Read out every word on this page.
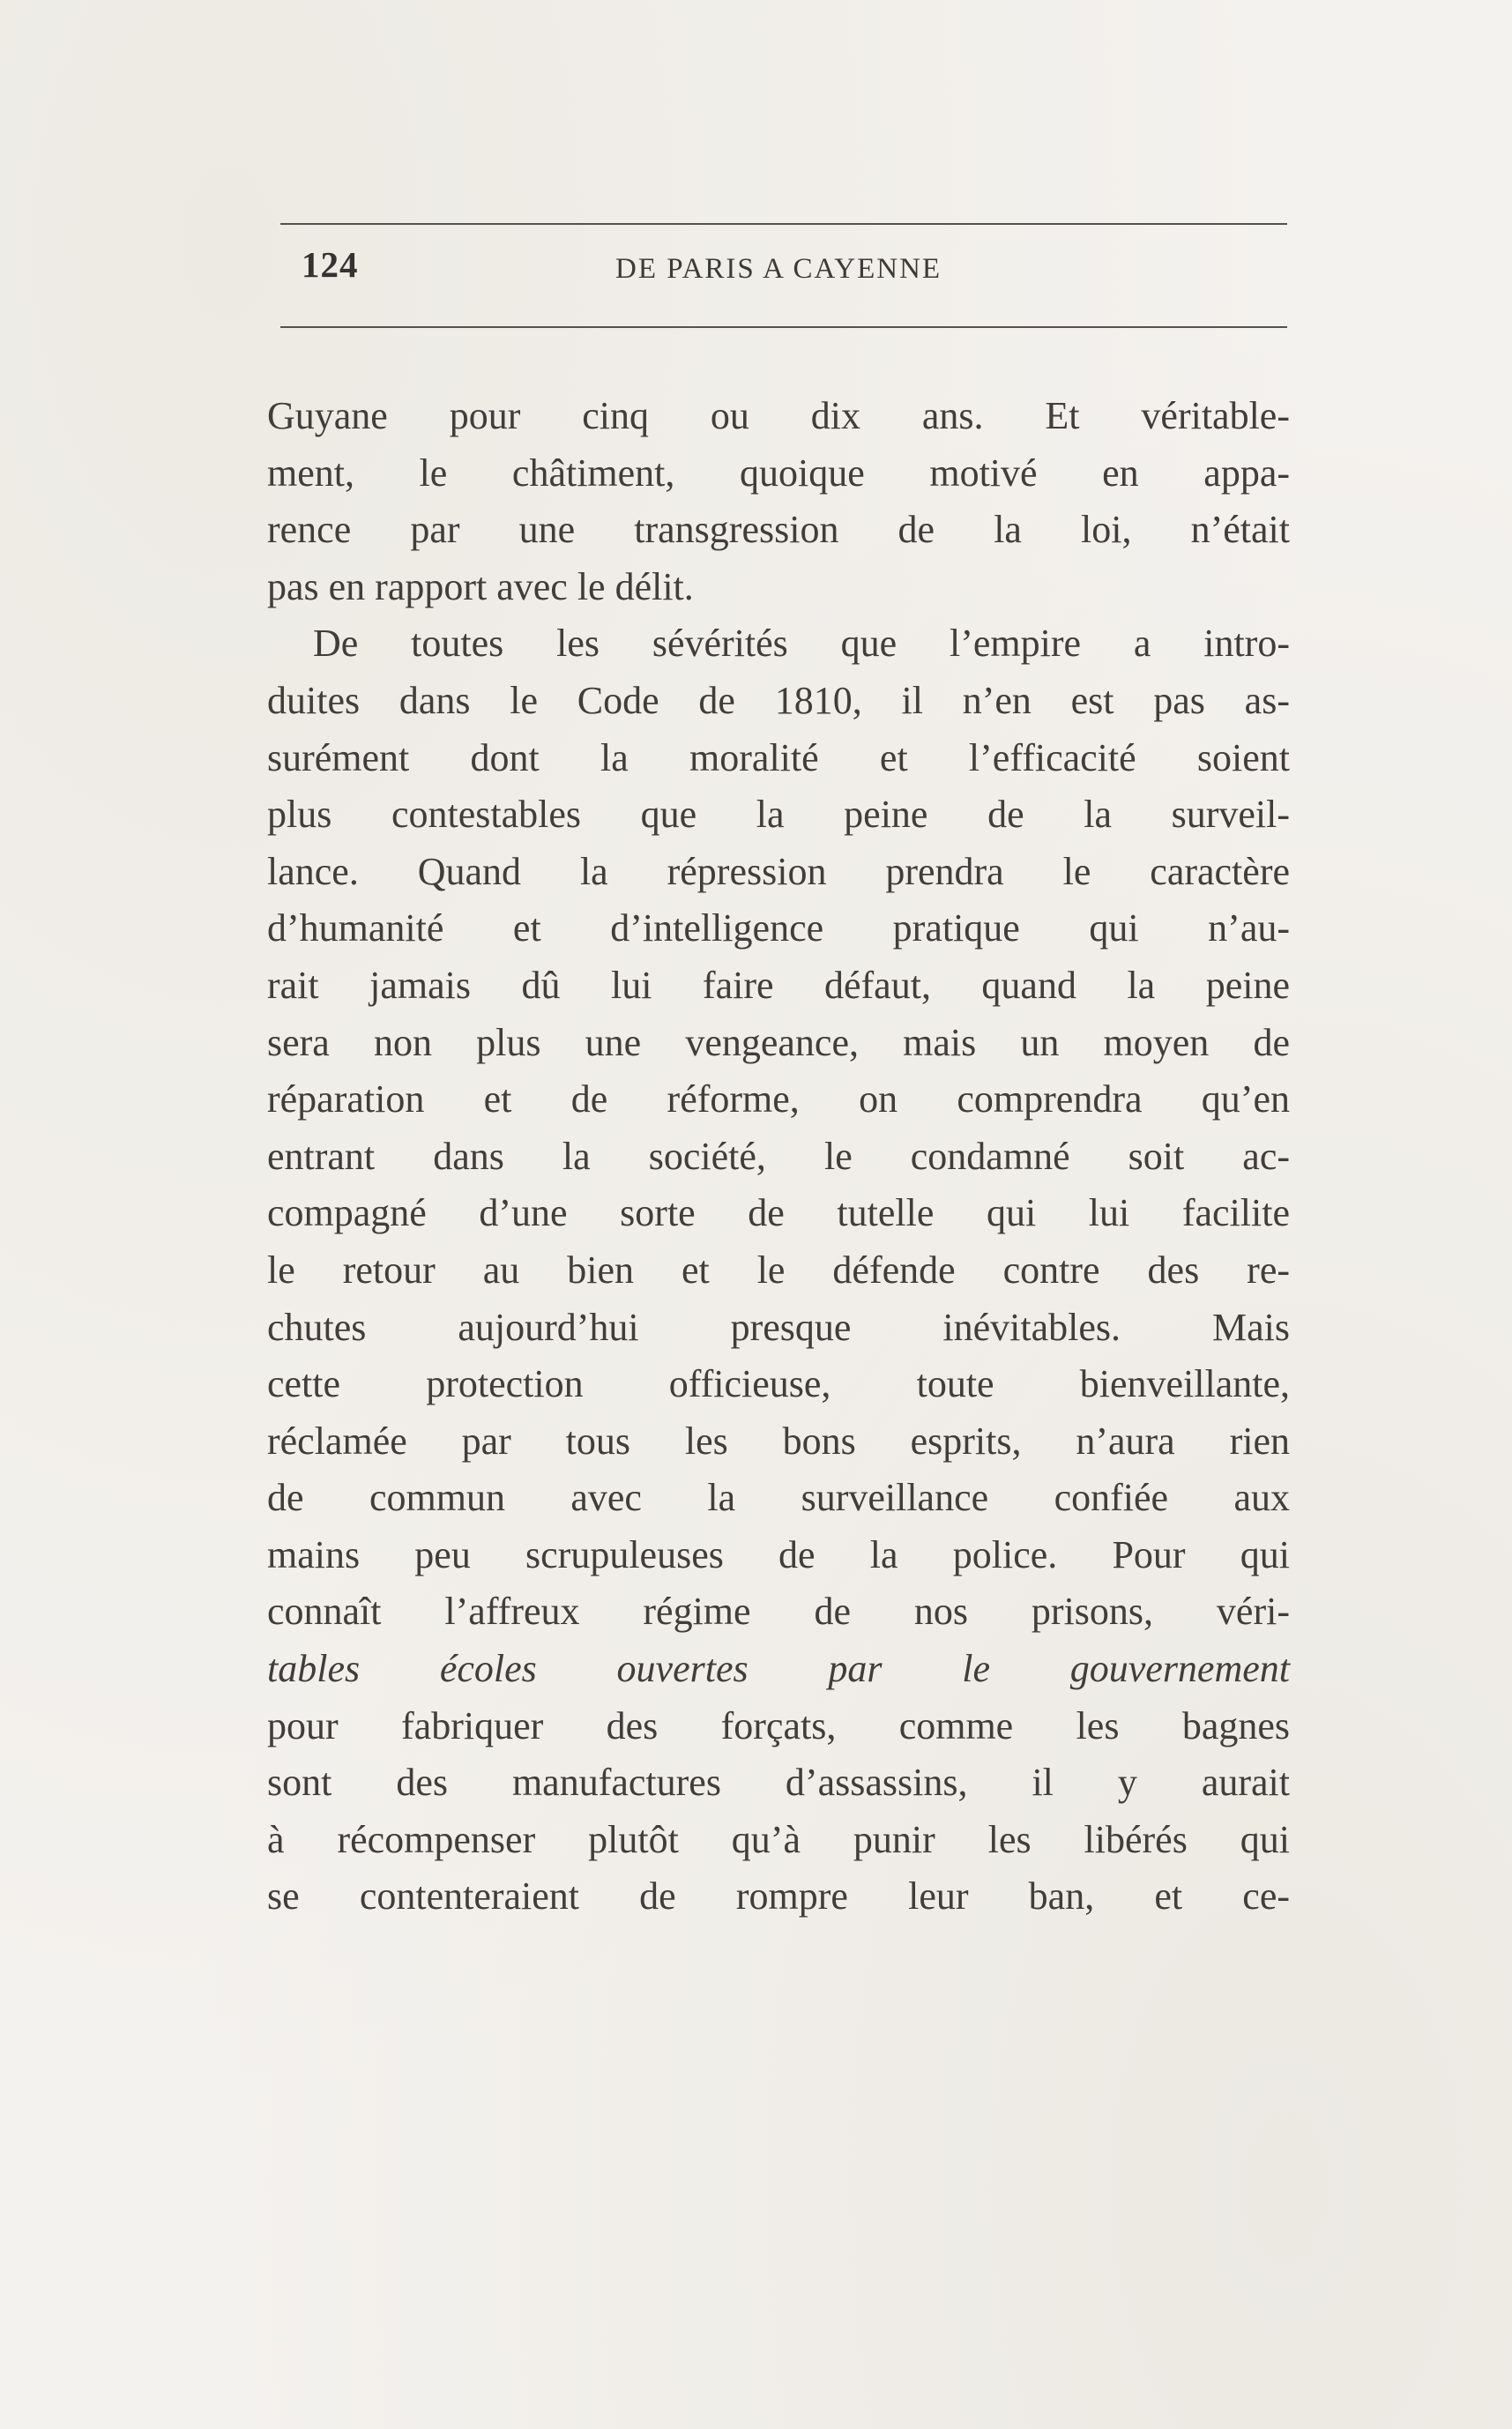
124	DE PARIS A CAYENNE
Guyane pour cinq ou dix ans. Et véritable-
ment, le châtiment, quoique motivé en appa-
rence par une transgression de la loi, n’était
pas en rapport avec le délit.
De toutes les sévérités que l’empire a intro-
duites dans le Code de 1810, il n’en est pas as-
surément dont la moralité et l’efficacité soient
plus contestables que la peine de la surveil-
lance. Quand la répression prendra le caractère
d’humanité et d’intelligence pratique qui n’au-
rait jamais dû lui faire défaut, quand la peine
sera non plus une vengeance, mais un moyen de
réparation et de réforme, on comprendra qu’en
entrant dans la société, le condamné soit ac-
compagné d’une sorte de tutelle qui lui facilite
le retour au bien et le défende contre des re-
chutes aujourd’hui presque inévitables. Mais
cette protection officieuse, toute bienveillante,
réclamée par tous les bons esprits, n’aura rien
de commun avec la surveillance confiée aux
mains peu scrupuleuses de la police. Pour qui
connaît l’affreux régime de nos prisons, véri-
tables écoles ouvertes par le gouvernement
pour fabriquer des forçats, comme les bagnes
sont des manufactures d’assassins, il y aurait
à récompenser plutôt qu’à punir les libérés qui
se contenteraient de rompre leur ban, et ce-
